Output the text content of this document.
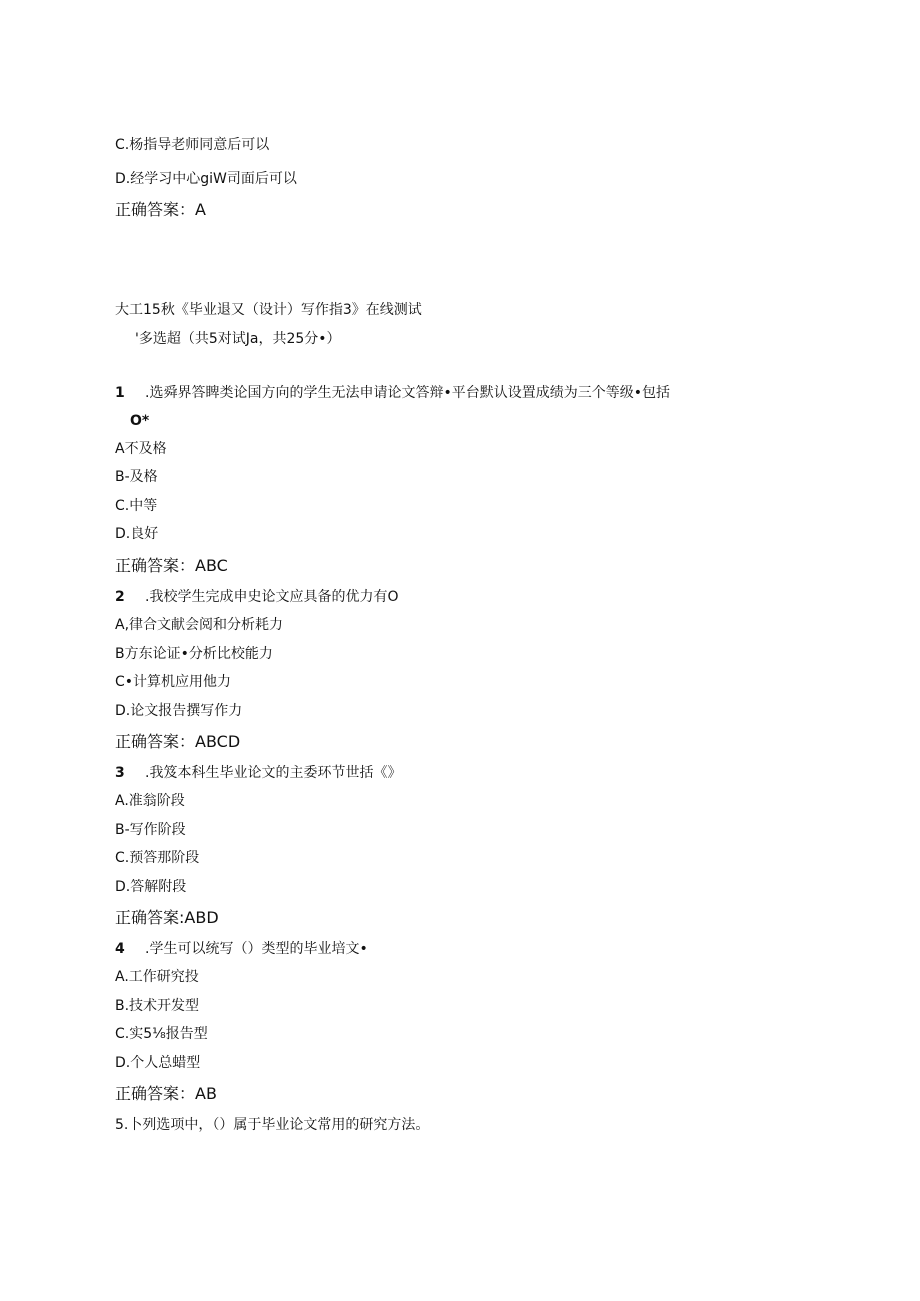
C.杨指导老师同意后可以
D.经学习中心giW司面后可以
正确答案：A
大工15秋《毕业退又（设计）写作指3》在线测试
'多选超（共5对试Ja，共25分•）
1 .选舜界答睥类论国方向的学生无法申请论文答辩•平台默认设置成绩为三个等级•包括
O*
A不及格
B-及格
C.中等
D.良好
正确答案：ABC
2 .我校学生完成申史论文应具备的优力有O
A,律合文献会阅和分析耗力
B方东论证•分析比校能力
C•计算机应用他力
D.论文报告撰写作力
正确答案：ABCD
3 .我笈本科生毕业论文的主委环节世括《》
A.准翁阶段
B-写作阶段
C.预答那阶段
D.答解附段
正确答案:ABD
4 .学生可以统写（）类型的毕业培文•
A.工作研究投
B.技术开发型
C.实5⅛报告型
D.个人总蜡型
正确答案：AB
5.卜列选项中，（）属于毕业论文常用的研究方法。
